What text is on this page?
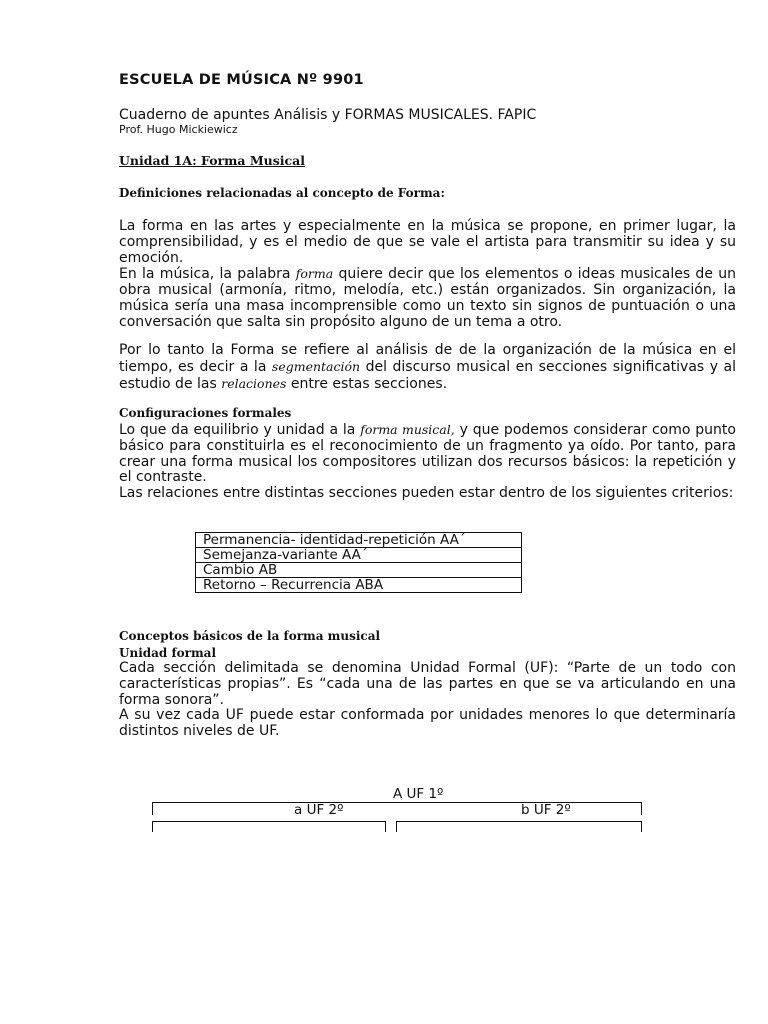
ESCUELA DE MÚSICA Nº 9901
Cuaderno de apuntes Análisis y FORMAS MUSICALES. FAPIC
Prof. Hugo Mickiewicz
Unidad 1A: Forma Musical
Definiciones relacionadas al concepto de Forma:
La forma en las artes y especialmente en la música se propone, en primer lugar, la comprensibilidad, y es el medio de que se vale el artista para transmitir su idea y su emoción.
En la música, la palabra forma quiere decir que los elementos o ideas musicales de un obra musical (armonía, ritmo, melodía, etc.) están organizados. Sin organización, la música sería una masa incomprensible como un texto sin signos de puntuación o una conversación que salta sin propósito alguno de un tema a otro.
Por lo tanto la Forma se refiere al análisis de de la organización de la música en el tiempo, es decir a la segmentación del discurso musical en secciones significativas y al estudio de las relaciones entre estas secciones.
Configuraciones formales
Lo que da equilibrio y unidad a la forma musical, y que podemos considerar como punto básico para constituirla es el reconocimiento de un fragmento ya oído. Por tanto, para crear una forma musical los compositores utilizan dos recursos básicos: la repetición y el contraste.
Las relaciones entre distintas secciones pueden estar dentro de los siguientes criterios:
Permanencia- identidad-repetición AA´
Semejanza-variante AA´
Cambio AB
Retorno – Recurrencia ABA
Conceptos básicos de la forma musical
Unidad formal
Cada sección delimitada se denomina Unidad Formal (UF): “Parte de un todo con características propias”. Es “cada una de las partes en que se va articulando en una forma sonora”.
A su vez cada UF puede estar conformada por unidades menores lo que determinaría distintos niveles de UF.
A UF 1º
a UF 2º	b UF 2º
